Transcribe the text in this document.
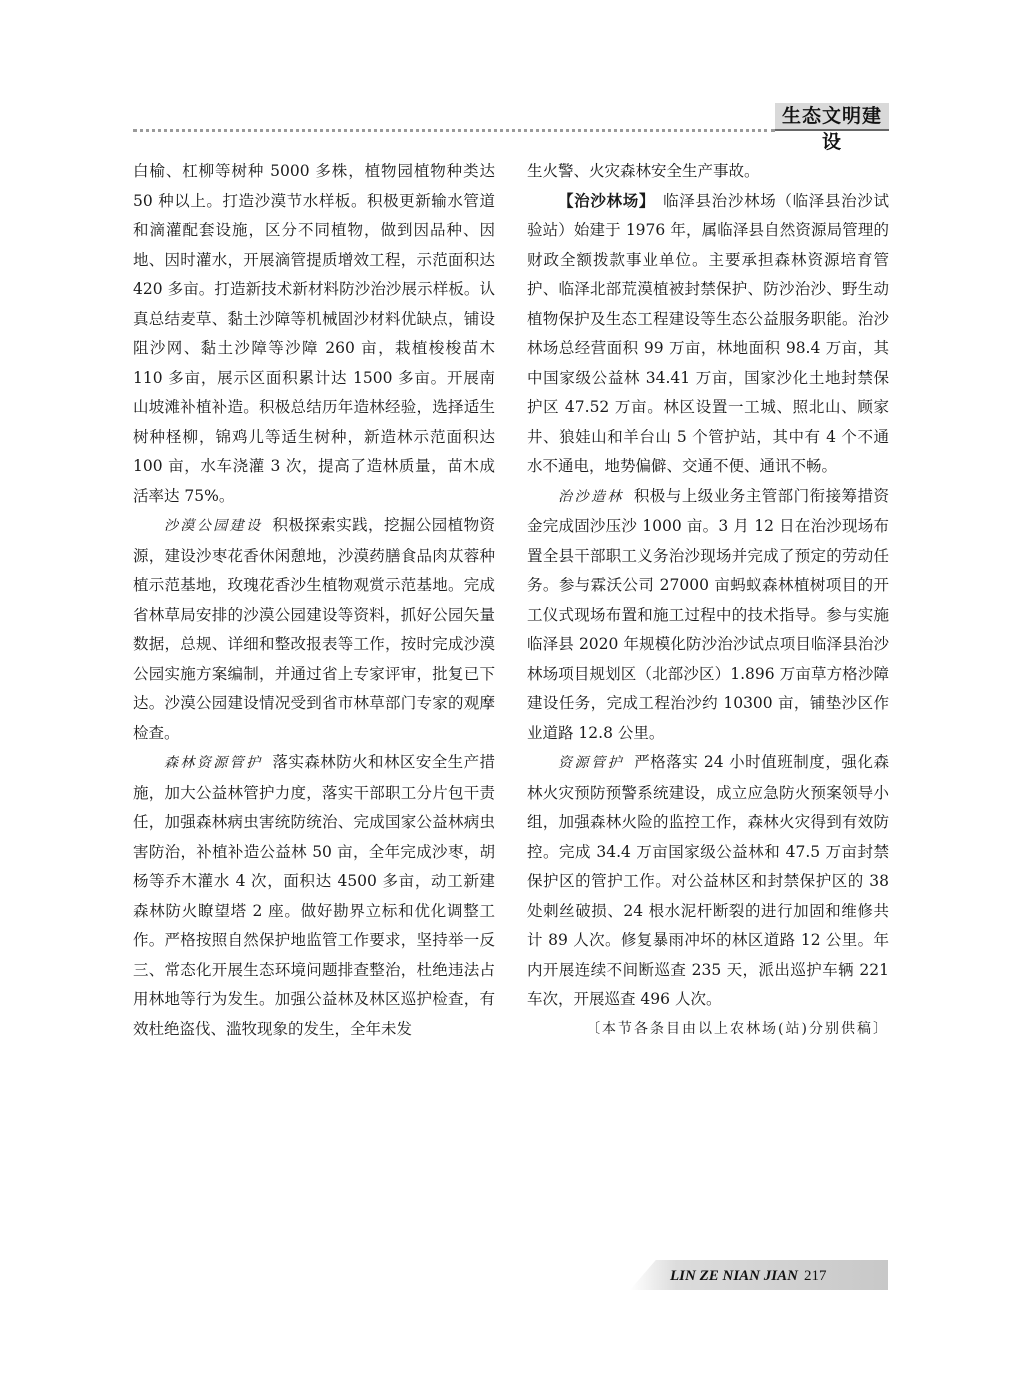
生态文明建设

白榆、杠柳等树种 5000 多株，植物园植物种类达 50 种以上。打造沙漠节水样板。积极更新输水管道和滴灌配套设施，区分不同植物，做到因品种、因地、因时灌水，开展滴管提质增效工程，示范面积达 420 多亩。打造新技术新材料防沙治沙展示样板。认真总结麦草、黏土沙障等机械固沙材料优缺点，铺设阻沙网、黏土沙障等沙障 260 亩，栽植梭梭苗木 110 多亩，展示区面积累计达 1500 多亩。开展南山坡滩补植补造。积极总结历年造林经验，选择适生树种柽柳，锦鸡儿等适生树种，新造林示范面积达 100 亩，水车浇灌 3 次，提高了造林质量，苗木成活率达 75%。

沙漠公园建设 积极探索实践，挖掘公园植物资源，建设沙枣花香休闲憩地，沙漠药膳食品肉苁蓉种植示范基地，玫瑰花香沙生植物观赏示范基地。完成省林草局安排的沙漠公园建设等资料，抓好公园矢量数据，总规、详细和整改报表等工作，按时完成沙漠公园实施方案编制，并通过省上专家评审，批复已下达。沙漠公园建设情况受到省市林草部门专家的观摩检查。

森林资源管护 落实森林防火和林区安全生产措施，加大公益林管护力度，落实干部职工分片包干责任，加强森林病虫害统防统治、完成国家公益林病虫害防治，补植补造公益林 50 亩，全年完成沙枣，胡杨等乔木灌水 4 次，面积达 4500 多亩，动工新建森林防火瞭望塔 2 座。做好勘界立标和优化调整工作。严格按照自然保护地监管工作要求，坚持举一反三、常态化开展生态环境问题排查整治，杜绝违法占用林地等行为发生。加强公益林及林区巡护检查，有效杜绝盗伐、滥牧现象的发生，全年未发

生火警、火灾森林安全生产事故。

【治沙林场】 临泽县治沙林场（临泽县治沙试验站）始建于 1976 年，属临泽县自然资源局管理的财政全额拨款事业单位。主要承担森林资源培育管护、临泽北部荒漠植被封禁保护、防沙治沙、野生动植物保护及生态工程建设等生态公益服务职能。治沙林场总经营面积 99 万亩，林地面积 98.4 万亩，其中国家级公益林 34.41 万亩，国家沙化土地封禁保护区 47.52 万亩。林区设置一工城、照北山、顾家井、狼娃山和羊台山 5 个管护站，其中有 4 个不通水不通电，地势偏僻、交通不便、通讯不畅。

治沙造林 积极与上级业务主管部门衔接筹措资金完成固沙压沙 1000 亩。3 月 12 日在治沙现场布置全县干部职工义务治沙现场并完成了预定的劳动任务。参与霖沃公司 27000 亩蚂蚁森林植树项目的开工仪式现场布置和施工过程中的技术指导。参与实施临泽县 2020 年规模化防沙治沙试点项目临泽县治沙林场项目规划区（北部沙区）1.896 万亩草方格沙障建设任务，完成工程治沙约 10300 亩，铺垫沙区作业道路 12.8 公里。

资源管护 严格落实 24 小时值班制度，强化森林火灾预防预警系统建设，成立应急防火预案领导小组，加强森林火险的监控工作，森林火灾得到有效防控。完成 34.4 万亩国家级公益林和 47.5 万亩封禁保护区的管护工作。对公益林区和封禁保护区的 38 处刺丝破损、24 根水泥杆断裂的进行加固和维修共计 89 人次。修复暴雨冲坏的林区道路 12 公里。年内开展连续不间断巡查 235 天，派出巡护车辆 221 车次，开展巡查 496 人次。

〔本节各条目由以上农林场(站)分别供稿〕

LIN ZE NIAN JIAN 217
